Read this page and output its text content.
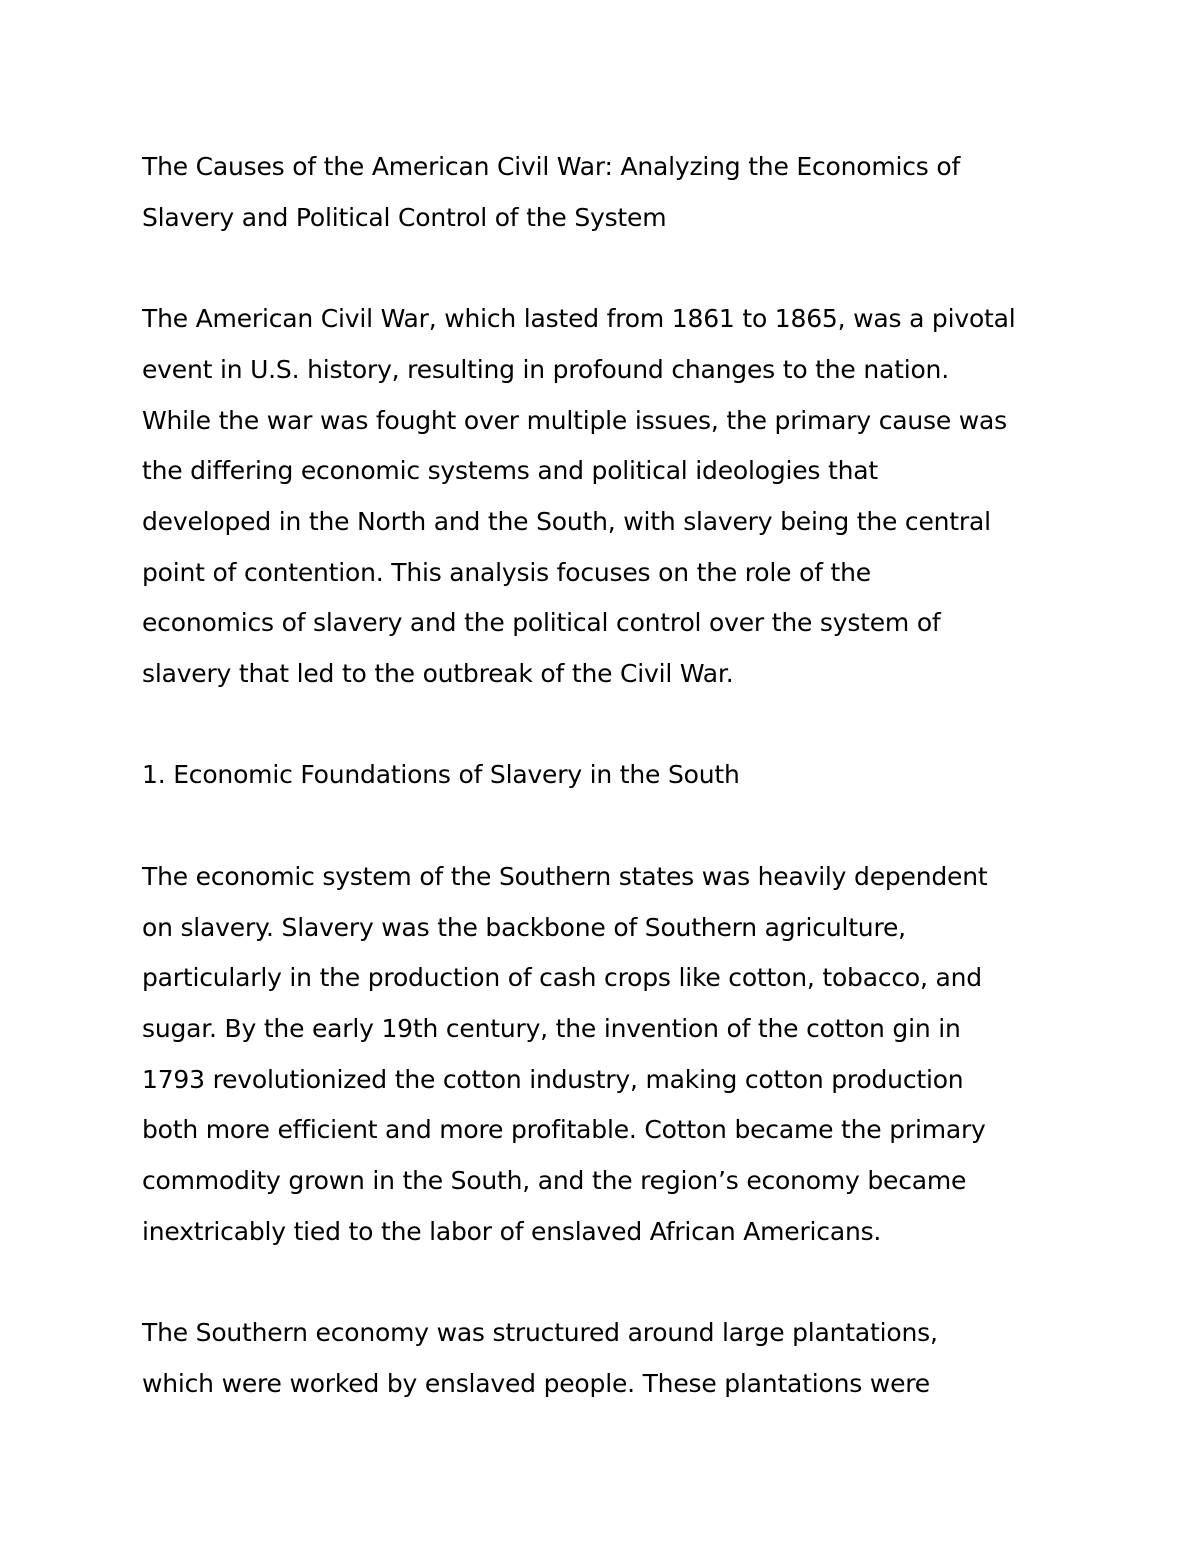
The Causes of the American Civil War: Analyzing the Economics of
Slavery and Political Control of the System
The American Civil War, which lasted from 1861 to 1865, was a pivotal
event in U.S. history, resulting in profound changes to the nation.
While the war was fought over multiple issues, the primary cause was
the differing economic systems and political ideologies that
developed in the North and the South, with slavery being the central
point of contention. This analysis focuses on the role of the
economics of slavery and the political control over the system of
slavery that led to the outbreak of the Civil War.
1. Economic Foundations of Slavery in the South
The economic system of the Southern states was heavily dependent
on slavery. Slavery was the backbone of Southern agriculture,
particularly in the production of cash crops like cotton, tobacco, and
sugar. By the early 19th century, the invention of the cotton gin in
1793 revolutionized the cotton industry, making cotton production
both more efficient and more profitable. Cotton became the primary
commodity grown in the South, and the region’s economy became
inextricably tied to the labor of enslaved African Americans.
The Southern economy was structured around large plantations,
which were worked by enslaved people. These plantations were
